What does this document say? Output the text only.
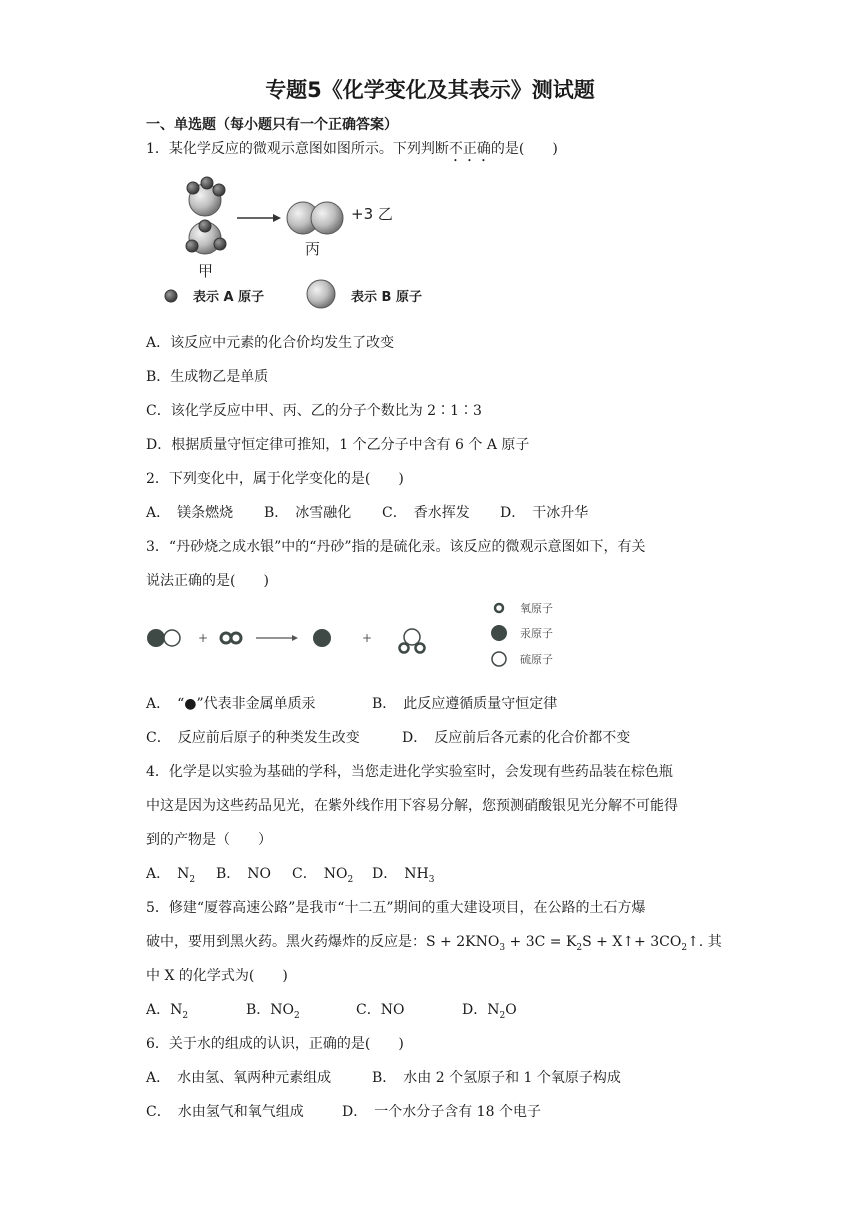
专题5《化学变化及其表示》测试题
一、单选题（每小题只有一个正确答案）
1．某化学反应的微观示意图如图所示。下列判断不正确的是(　　)
+3 乙
丙
甲
表示 A 原子	表示 B 原子
A．该反应中元素的化合价均发生了改变
B．生成物乙是单质
C．该化学反应中甲、丙、乙的分子个数比为 2∶1∶3
D．根据质量守恒定律可推知，1 个乙分子中含有 6 个 A 原子
2．下列变化中，属于化学变化的是(　　)
A．　镁条燃烧 B．　冰雪融化 C．　香水挥发 D．　干冰升华
3．“丹砂烧之成水银”中的“丹砂”指的是硫化汞。该反应的微观示意图如下，有关
说法正确的是(　　)
+	+
氧原子
汞原子
硫原子
A．　“●”代表非金属单质汞	B．　此反应遵循质量守恒定律
C．　反应前后原子的种类发生改变	D．　反应前后各元素的化合价都不变
4．化学是以实验为基础的学科，当您走进化学实验室时，会发现有些药品装在棕色瓶
中这是因为这些药品见光，在紫外线作用下容易分解，您预测硝酸银见光分解不可能得
到的产物是（　　）
A．　$N_2$ B．　NO C．　$NO_2$ D．　$NH_3$
5．修建“厦蓉高速公路”是我市“十二五”期间的重大建设项目，在公路的土石方爆
破中，要用到黑火药。黑火药爆炸的反应是：$S + 2KNO_3 + 3C = K_2S$ + X↑+ $3CO_2↑$. 其
中 X 的化学式为(　　)
A．$N_2$	B．$NO_2$	C．NO	D．$N_2O$
6．关于水的组成的认识，正确的是(　　)
A．　水由氢、氧两种元素组成	B．　水由 2 个氢原子和 1 个氧原子构成
C．　水由氢气和氧气组成	D．　一个水分子含有 18 个电子
